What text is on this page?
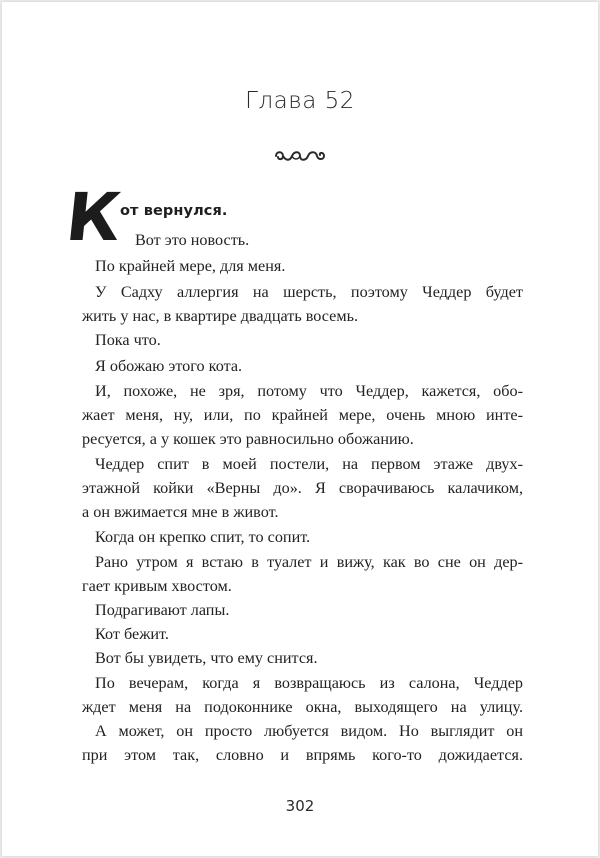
Глава 52
К
от вернулся.
Вот это новость.
По крайней мере, для меня.
У Садху аллергия на шерсть, поэтому Чеддер будет
жить у нас, в квартире двадцать восемь.
Пока что.
Я обожаю этого кота.
И, похоже, не зря, потому что Чеддер, кажется, обо-
жает меня, ну, или, по крайней мере, очень мною инте-
ресуется, а у кошек это равносильно обожанию.
Чеддер спит в моей постели, на первом этаже двух-
этажной койки «Верны до». Я сворачиваюсь калачиком,
а он вжимается мне в живот.
Когда он крепко спит, то сопит.
Рано утром я встаю в туалет и вижу, как во сне он дер-
гает кривым хвостом.
Подрагивают лапы.
Кот бежит.
Вот бы увидеть, что ему снится.
По вечерам, когда я возвращаюсь из салона, Чеддер
ждет меня на подоконнике окна, выходящего на улицу.
А может, он просто любуется видом. Но выглядит он
при этом так, словно и впрямь кого-то дожидается.
302
